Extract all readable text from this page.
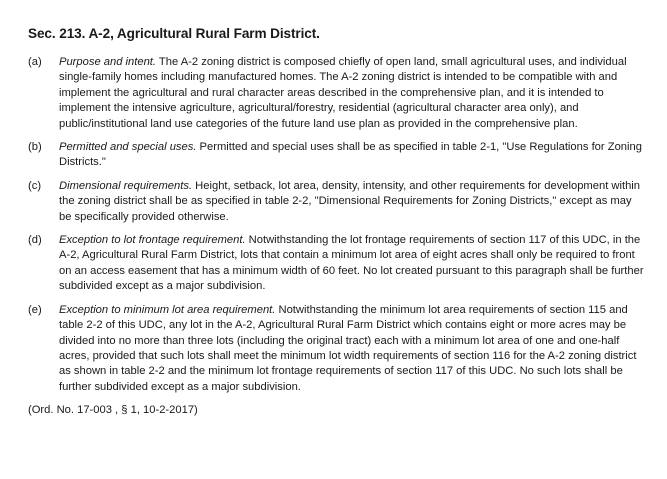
Sec. 213. A-2, Agricultural Rural Farm District.
(a)	Purpose and intent. The A-2 zoning district is composed chiefly of open land, small agricultural uses, and individual single-family homes including manufactured homes. The A-2 zoning district is intended to be compatible with and implement the agricultural and rural character areas described in the comprehensive plan, and it is intended to implement the intensive agriculture, agricultural/forestry, residential (agricultural character area only), and public/institutional land use categories of the future land use plan as provided in the comprehensive plan.
(b)	Permitted and special uses. Permitted and special uses shall be as specified in table 2-1, "Use Regulations for Zoning Districts."
(c)	Dimensional requirements. Height, setback, lot area, density, intensity, and other requirements for development within the zoning district shall be as specified in table 2-2, "Dimensional Requirements for Zoning Districts," except as may be specifically provided otherwise.
(d)	Exception to lot frontage requirement. Notwithstanding the lot frontage requirements of section 117 of this UDC, in the A-2, Agricultural Rural Farm District, lots that contain a minimum lot area of eight acres shall only be required to front on an access easement that has a minimum width of 60 feet. No lot created pursuant to this paragraph shall be further subdivided except as a major subdivision.
(e)	Exception to minimum lot area requirement. Notwithstanding the minimum lot area requirements of section 115 and table 2-2 of this UDC, any lot in the A-2, Agricultural Rural Farm District which contains eight or more acres may be divided into no more than three lots (including the original tract) each with a minimum lot area of one and one-half acres, provided that such lots shall meet the minimum lot width requirements of section 116 for the A-2 zoning district as shown in table 2-2 and the minimum lot frontage requirements of section 117 of this UDC. No such lots shall be further subdivided except as a major subdivision.
(Ord. No. 17-003 , § 1, 10-2-2017)
